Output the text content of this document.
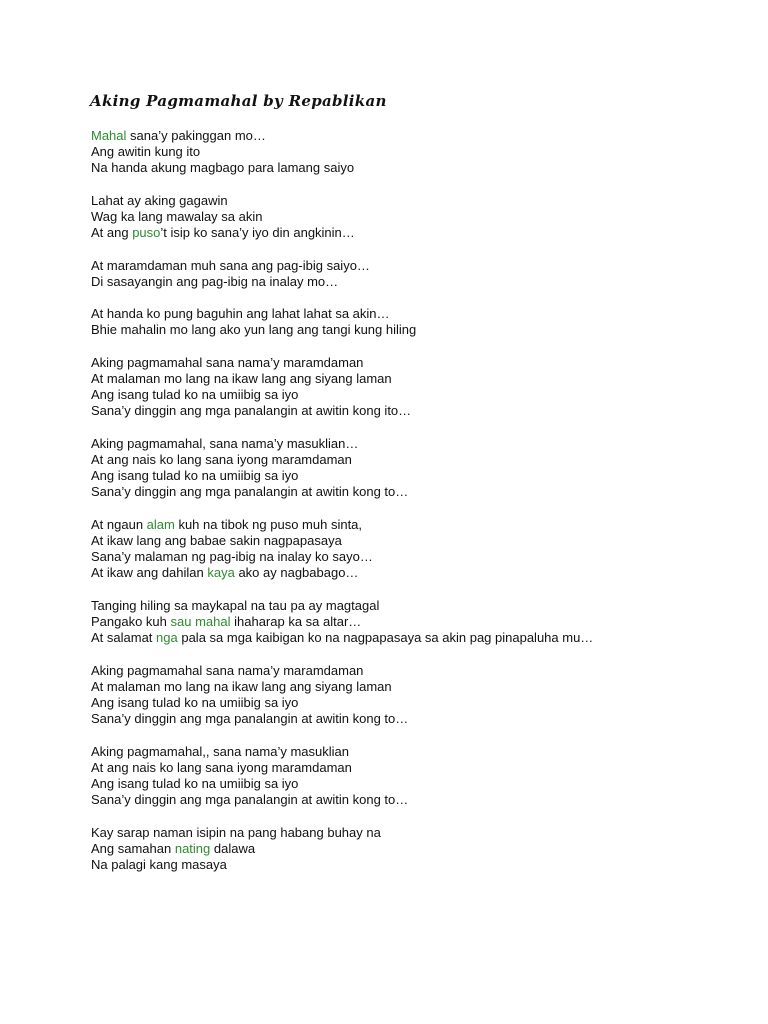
Aking Pagmamahal by Repablikan
Mahal sana’y pakinggan mo…
Ang awitin kung ito
Na handa akung magbago para lamang saiyo
Lahat ay aking gagawin
Wag ka lang mawalay sa akin
At ang puso’t isip ko sana’y iyo din angkinin…
At maramdaman muh sana ang pag-ibig saiyo…
Di sasayangin ang pag-ibig na inalay mo…
At handa ko pung baguhin ang lahat lahat sa akin…
Bhie mahalin mo lang ako yun lang ang tangi kung hiling
Aking pagmamahal sana nama’y maramdaman
At malaman mo lang na ikaw lang ang siyang laman
Ang isang tulad ko na umiibig sa iyo
Sana’y dinggin ang mga panalangin at awitin kong ito…
Aking pagmamahal, sana nama’y masuklian…
At ang nais ko lang sana iyong maramdaman
Ang isang tulad ko na umiibig sa iyo
Sana’y dinggin ang mga panalangin at awitin kong to…
At ngaun alam kuh na tibok ng puso muh sinta,
At ikaw lang ang babae sakin nagpapasaya
Sana’y malaman ng pag-ibig na inalay ko sayo…
At ikaw ang dahilan kaya ako ay nagbabago…
Tanging hiling sa maykapal na tau pa ay magtagal
Pangako kuh sau mahal ihaharap ka sa altar…
At salamat nga pala sa mga kaibigan ko na nagpapasaya sa akin pag pinapaluha mu…
Aking pagmamahal sana nama’y maramdaman
At malaman mo lang na ikaw lang ang siyang laman
Ang isang tulad ko na umiibig sa iyo
Sana’y dinggin ang mga panalangin at awitin kong to…
Aking pagmamahal,, sana nama’y masuklian
At ang nais ko lang sana iyong maramdaman
Ang isang tulad ko na umiibig sa iyo
Sana’y dinggin ang mga panalangin at awitin kong to…
Kay sarap naman isipin na pang habang buhay na
Ang samahan nating dalawa
Na palagi kang masaya
